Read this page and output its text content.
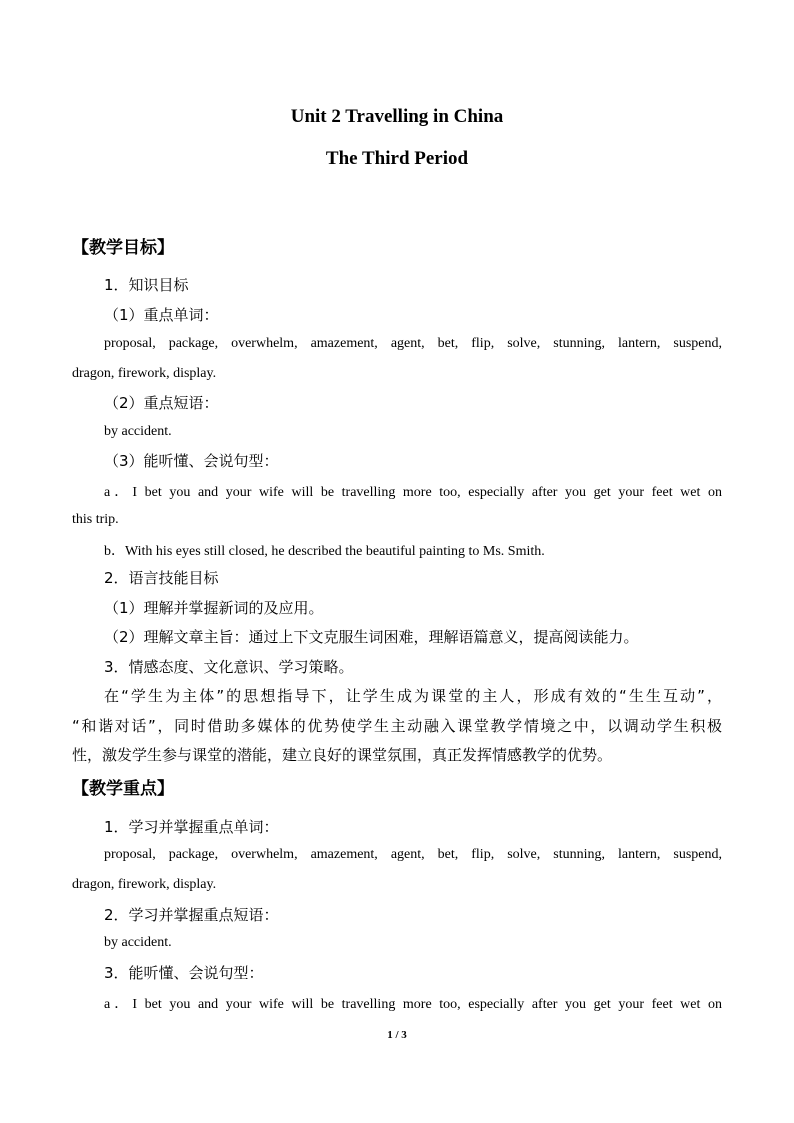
Unit 2 Travelling in China

The Third Period

【教学目标】

1．知识目标

（1）重点单词：

proposal, package, overwhelm, amazement, agent, bet, flip, solve, stunning, lantern, suspend,

dragon, firework, display.

（2）重点短语：

by accident.

（3）能听懂、会说句型：

a．I bet you and your wife will be travelling more too, especially after you get your feet wet on

this trip.

b．With his eyes still closed, he described the beautiful painting to Ms. Smith.

2．语言技能目标

（1）理解并掌握新词的及应用。

（2）理解文章主旨：通过上下文克服生词困难，理解语篇意义，提高阅读能力。

3．情感态度、文化意识、学习策略。

在“学生为主体”的思想指导下，让学生成为课堂的主人，形成有效的“生生互动”，

“和谐对话”，同时借助多媒体的优势使学生主动融入课堂教学情境之中，以调动学生积极

性，激发学生参与课堂的潜能，建立良好的课堂氛围，真正发挥情感教学的优势。

【教学重点】

1．学习并掌握重点单词：

proposal, package, overwhelm, amazement, agent, bet, flip, solve, stunning, lantern, suspend,

dragon, firework, display.

2．学习并掌握重点短语：

by accident.

3．能听懂、会说句型：

a．I bet you and your wife will be travelling more too, especially after you get your feet wet on

1 / 3
